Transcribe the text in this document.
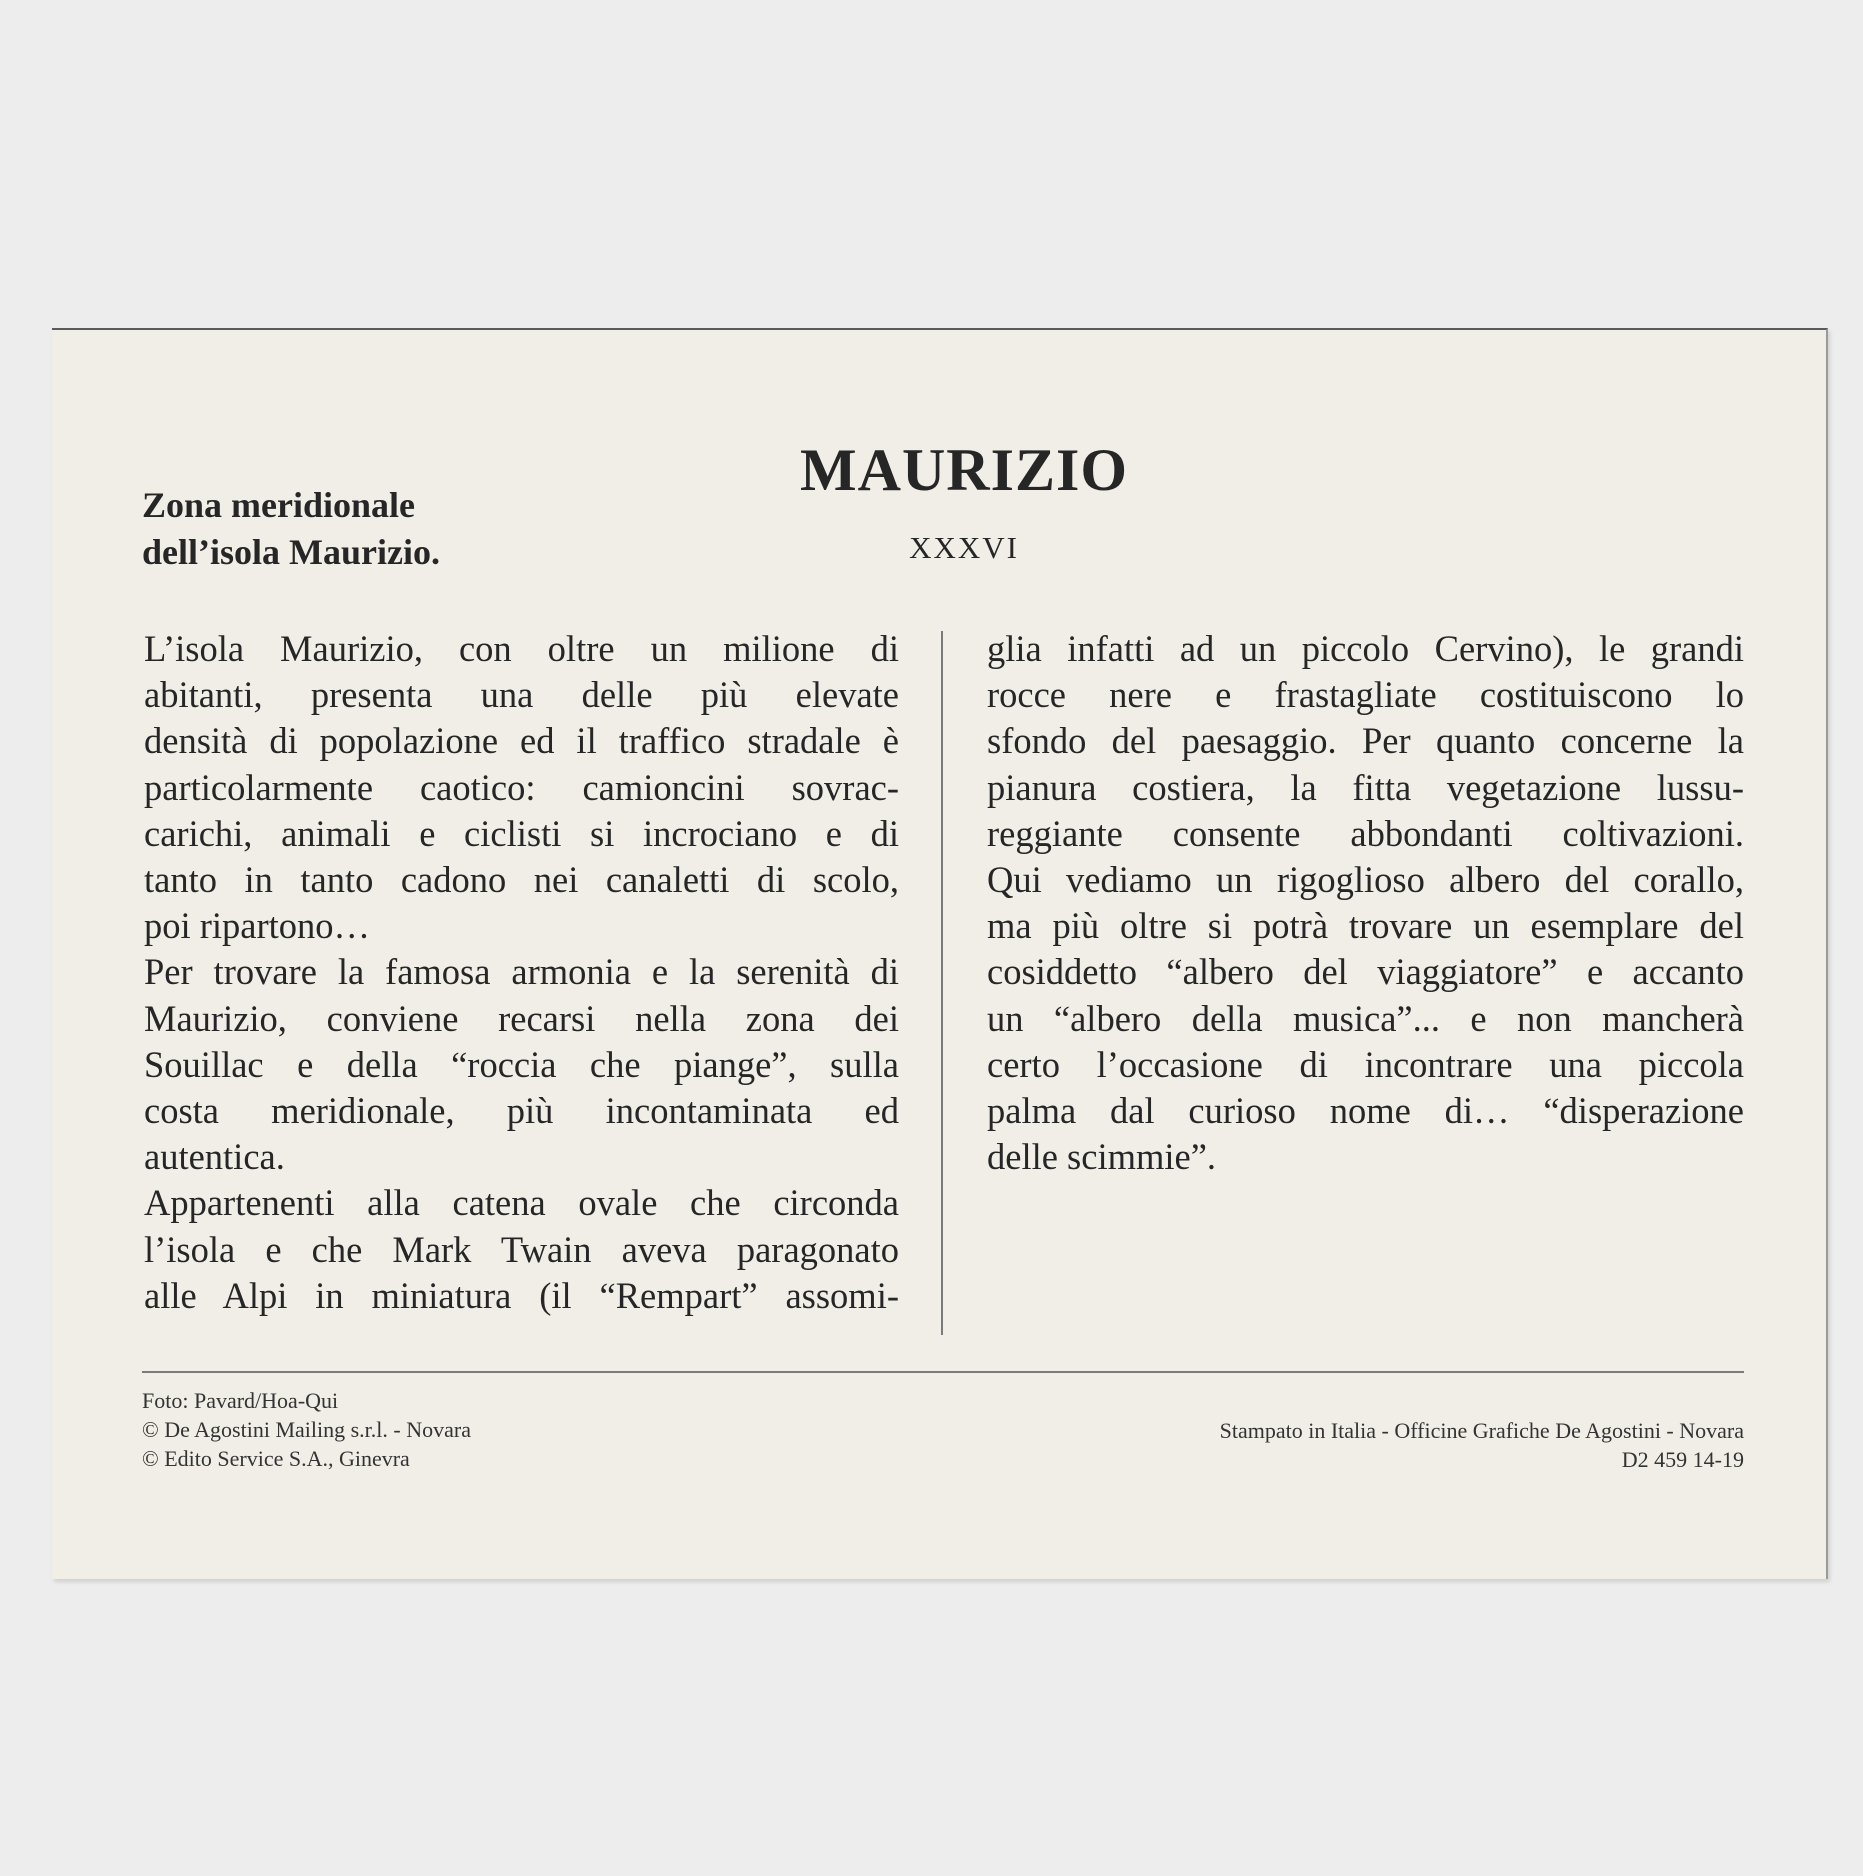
MAURIZIO
XXXVI
Zona meridionale
dell’isola Maurizio.
L’isola Maurizio, con oltre un milione di
abitanti, presenta una delle più elevate
densità di popolazione ed il traffico stradale è
particolarmente caotico: camioncini sovrac-
carichi, animali e ciclisti si incrociano e di
tanto in tanto cadono nei canaletti di scolo,
poi ripartono…
Per trovare la famosa armonia e la serenità di
Maurizio, conviene recarsi nella zona dei
Souillac e della “roccia che piange”, sulla
costa meridionale, più incontaminata ed
autentica.
Appartenenti alla catena ovale che circonda
l’isola e che Mark Twain aveva paragonato
alle Alpi in miniatura (il “Rempart” assomi-
glia infatti ad un piccolo Cervino), le grandi
rocce nere e frastagliate costituiscono lo
sfondo del paesaggio. Per quanto concerne la
pianura costiera, la fitta vegetazione lussu-
reggiante consente abbondanti coltivazioni.
Qui vediamo un rigoglioso albero del corallo,
ma più oltre si potrà trovare un esemplare del
cosiddetto “albero del viaggiatore” e accanto
un “albero della musica”... e non mancherà
certo l’occasione di incontrare una piccola
palma dal curioso nome di… “disperazione
delle scimmie”.
Foto: Pavard/Hoa-Qui
© De Agostini Mailing s.r.l. - Novara
© Edito Service S.A., Ginevra
Stampato in Italia - Officine Grafiche De Agostini - Novara
D2 459 14-19
